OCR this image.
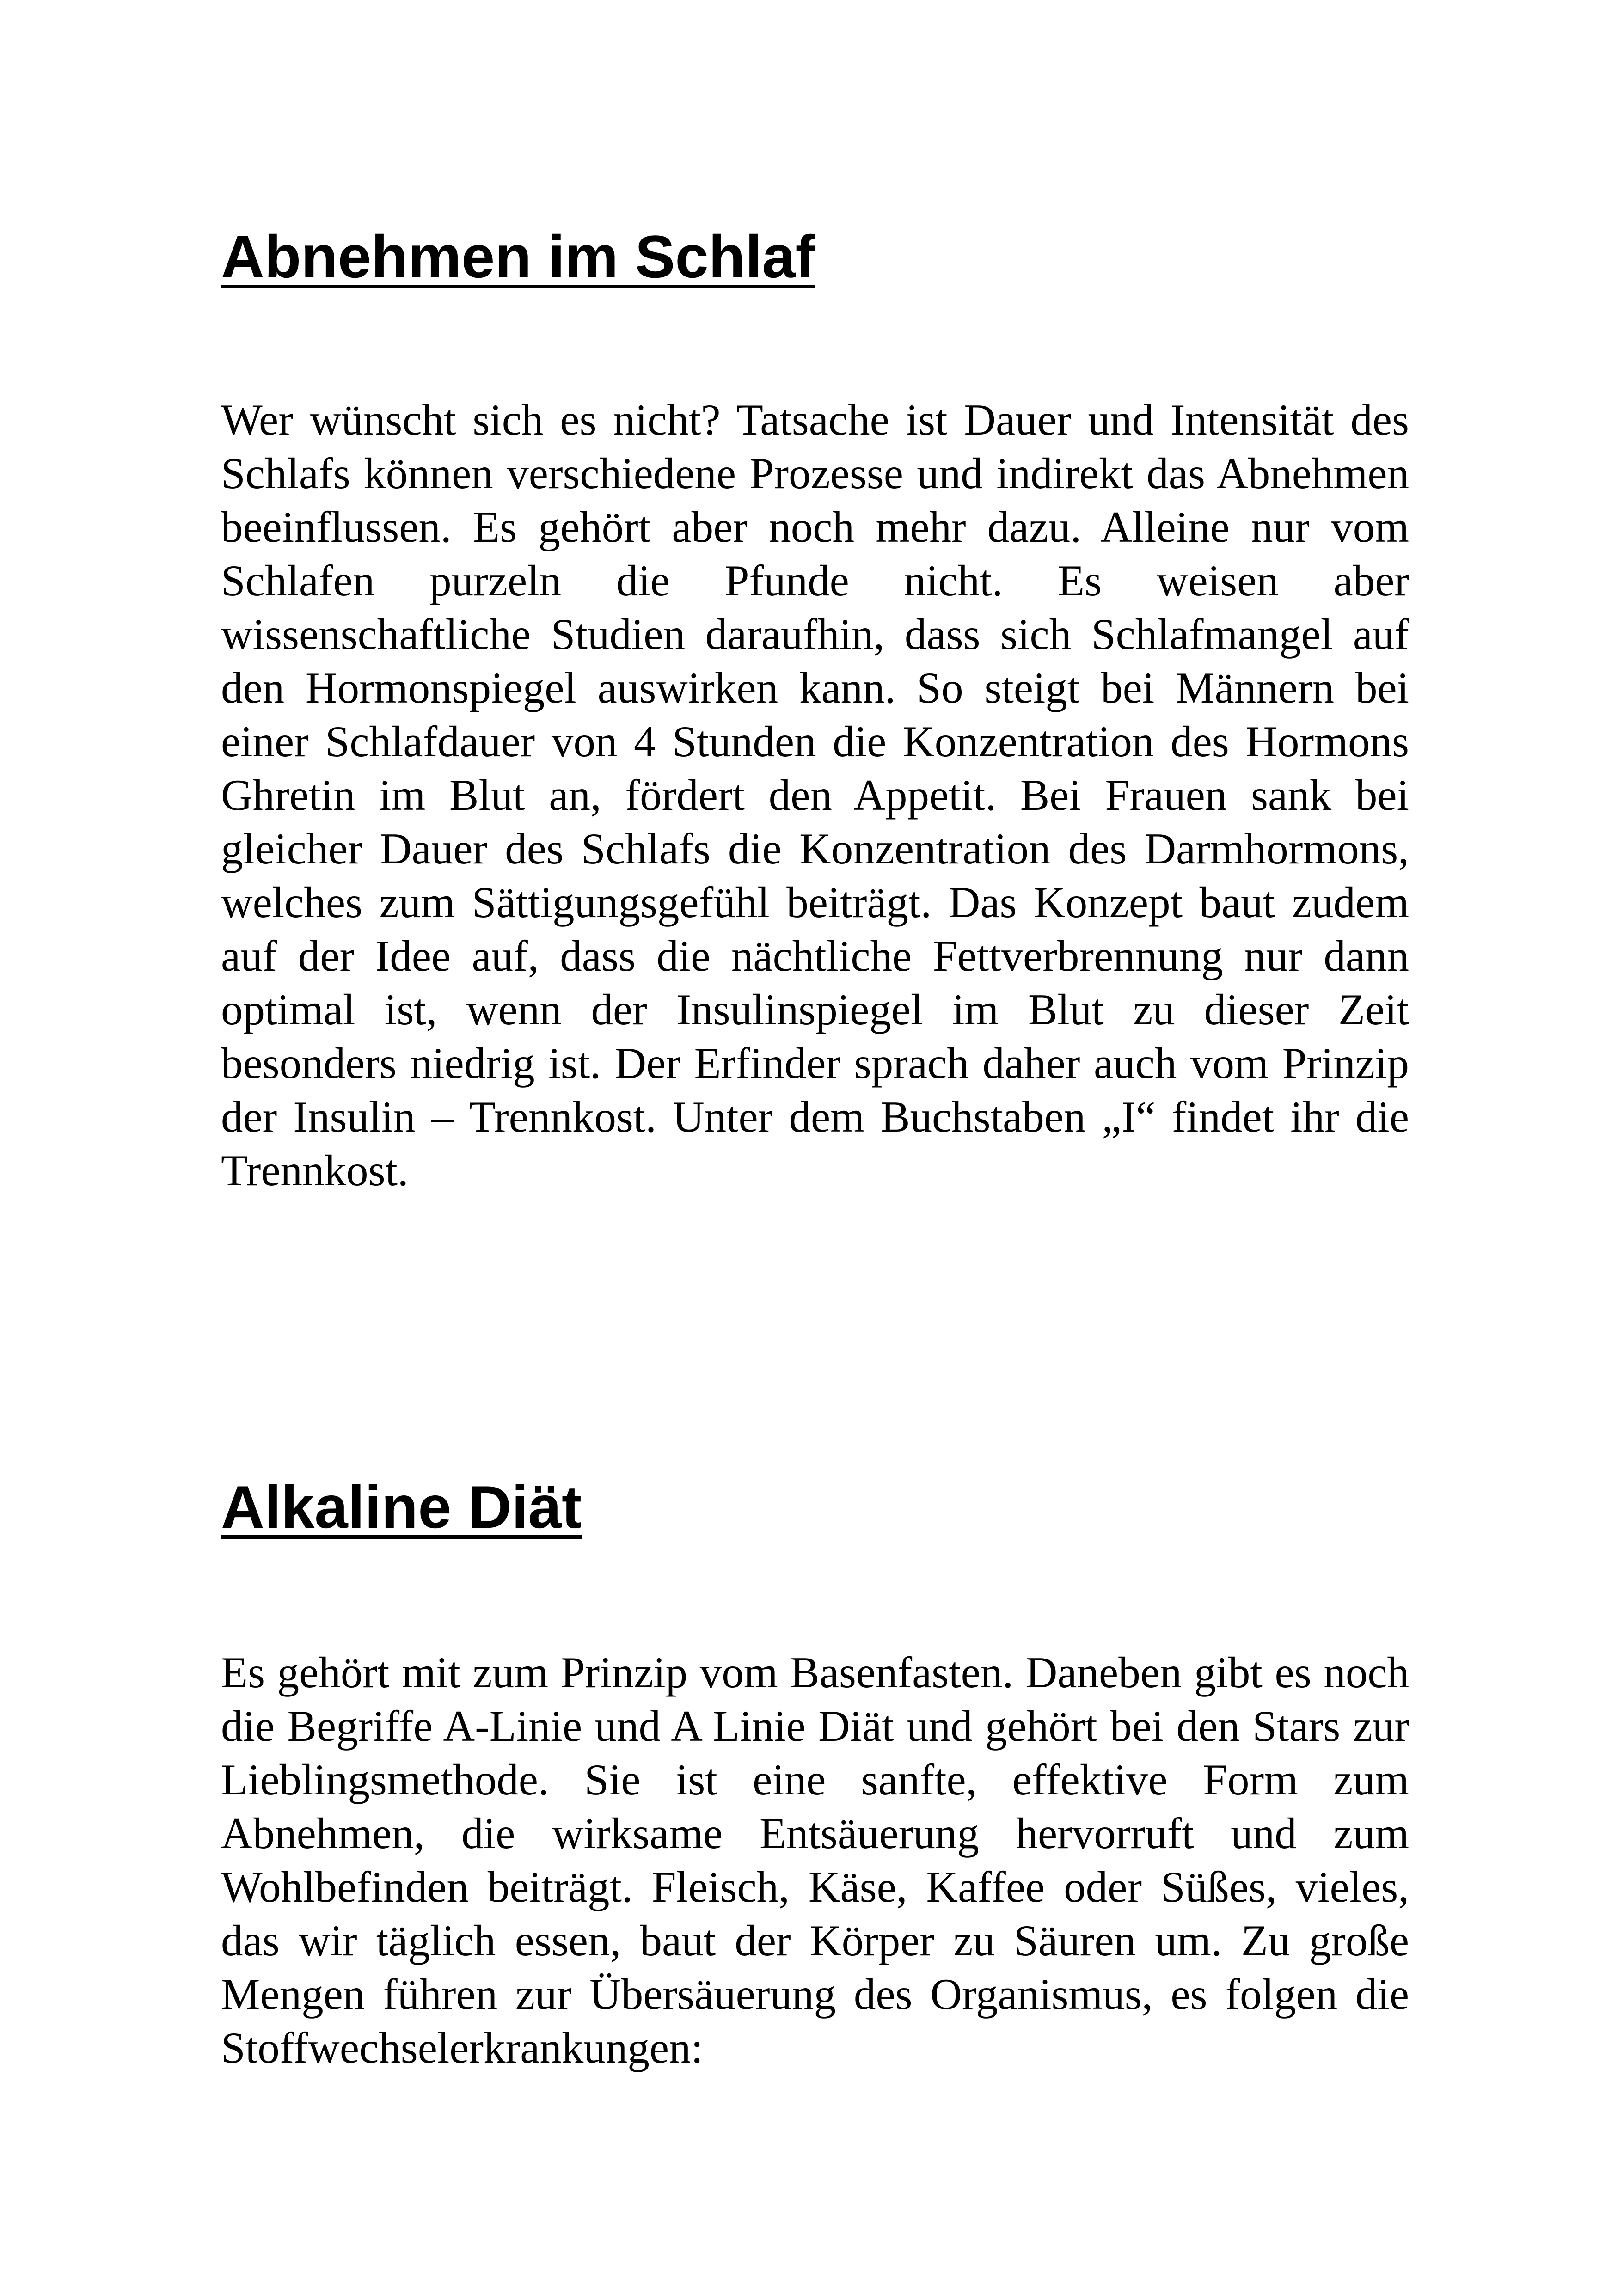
Abnehmen im Schlaf

Wer wünscht sich es nicht? Tatsache ist Dauer und Intensität des Schlafs können verschiedene Prozesse und indirekt das Abnehmen beeinflussen. Es gehört aber noch mehr dazu. Alleine nur vom Schlafen purzeln die Pfunde nicht. Es weisen aber wissenschaftliche Studien daraufhin, dass sich Schlafmangel auf den Hormonspiegel auswirken kann. So steigt bei Männern bei einer Schlafdauer von 4 Stunden die Konzentration des Hormons Ghretin im Blut an, fördert den Appetit. Bei Frauen sank bei gleicher Dauer des Schlafs die Konzentration des Darmhormons, welches zum Sättigungsgefühl beiträgt. Das Konzept baut zudem auf der Idee auf, dass die nächtliche Fettverbrennung nur dann optimal ist, wenn der Insulinspiegel im Blut zu dieser Zeit besonders niedrig ist. Der Erfinder sprach daher auch vom Prinzip der Insulin – Trennkost. Unter dem Buchstaben „I“ findet ihr die Trennkost.

Alkaline Diät

Es gehört mit zum Prinzip vom Basenfasten. Daneben gibt es noch die Begriffe A-Linie und A Linie Diät und gehört bei den Stars zur Lieblingsmethode. Sie ist eine sanfte, effektive Form zum Abnehmen, die wirksame Entsäuerung hervorruft und zum Wohlbefinden beiträgt. Fleisch, Käse, Kaffee oder Süßes, vieles, das wir täglich essen, baut der Körper zu Säuren um. Zu große Mengen führen zur Übersäuerung des Organismus, es folgen die Stoffwechselerkrankungen:
